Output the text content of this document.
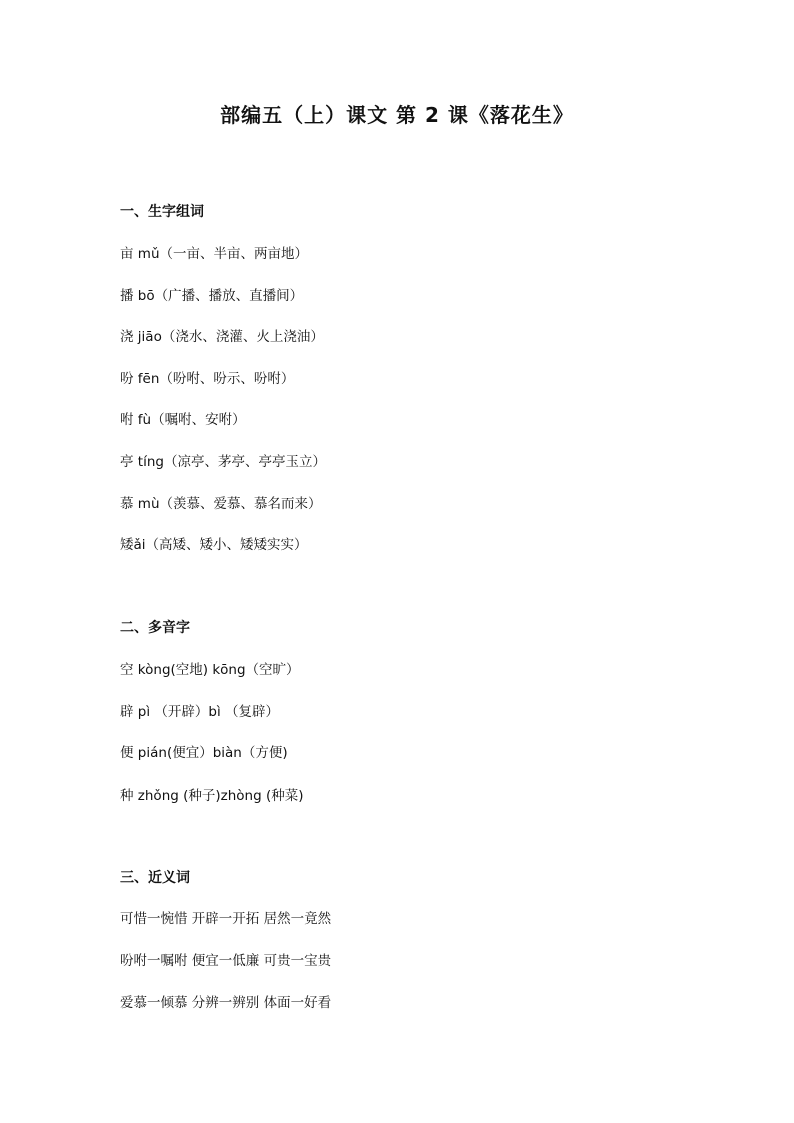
部编五（上）课文 第 2 课《落花生》
一、生字组词
亩 mǔ（一亩、半亩、两亩地）
播 bō（广播、播放、直播间）
浇 jiāo（浇水、浇灌、火上浇油）
吩 fēn（吩咐、吩示、吩咐）
咐 fù（嘱咐、安咐）
亭 tíng（凉亭、茅亭、亭亭玉立）
慕 mù（羡慕、爱慕、慕名而来）
矮ǎi（高矮、矮小、矮矮实实）
二、多音字
空 kòng(空地) kōng（空旷）
辟 pì （开辟）bì （复辟）
便 pián(便宜）biàn（方便)
种 zhǒng (种子)zhòng (种菜)
三、近义词
可惜一惋惜 开辟一开拓 居然一竟然
吩咐一嘱咐 便宜一低廉 可贵一宝贵
爱慕一倾慕 分辨一辨别 体面一好看
